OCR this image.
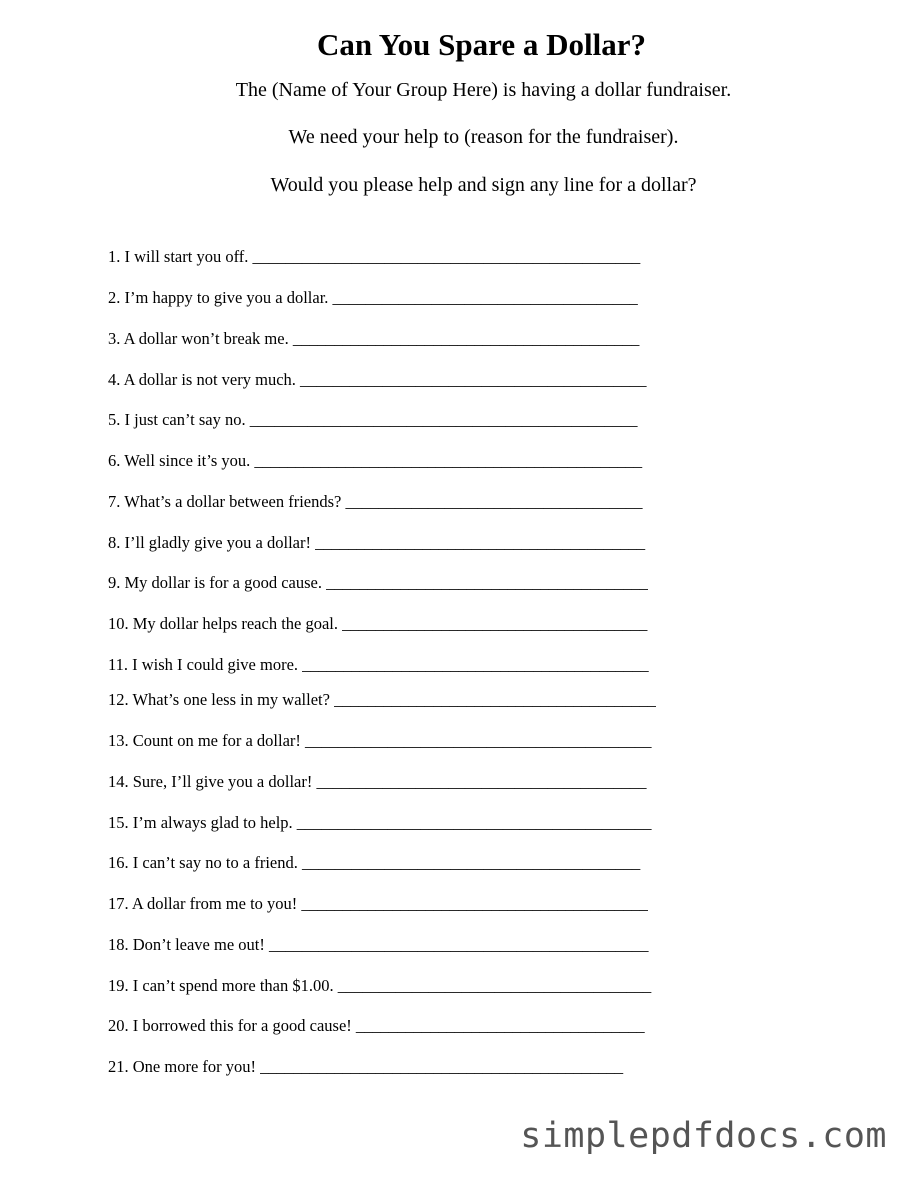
Can You Spare a Dollar?
The (Name of Your Group Here) is having a dollar fundraiser.
We need your help to (reason for the fundraiser).
Would you please help and sign any line for a dollar?
1. I will start you off. _______________________________________________
2. I’m happy to give you a dollar. _____________________________________
3. A dollar won’t break me. __________________________________________
4. A dollar is not very much. __________________________________________
5. I just can’t say no. _______________________________________________
6. Well since it’s you. _______________________________________________
7. What’s a dollar between friends? ____________________________________
8. I’ll gladly give you a dollar! ________________________________________
9. My dollar is for a good cause. _______________________________________
10. My dollar helps reach the goal. _____________________________________
11. I wish I could give more. __________________________________________
12. What’s one less in my wallet? _______________________________________
13. Count on me for a dollar! __________________________________________
14. Sure, I’ll give you a dollar! ________________________________________
15. I’m always glad to help. ___________________________________________
16. I can’t say no to a friend. _________________________________________
17. A dollar from me to you! __________________________________________
18. Don’t leave me out! ______________________________________________
19. I can’t spend more than $1.00. ______________________________________
20. I borrowed this for a good cause! ___________________________________
21. One more for you! ____________________________________________
simplepdfdocs.com
